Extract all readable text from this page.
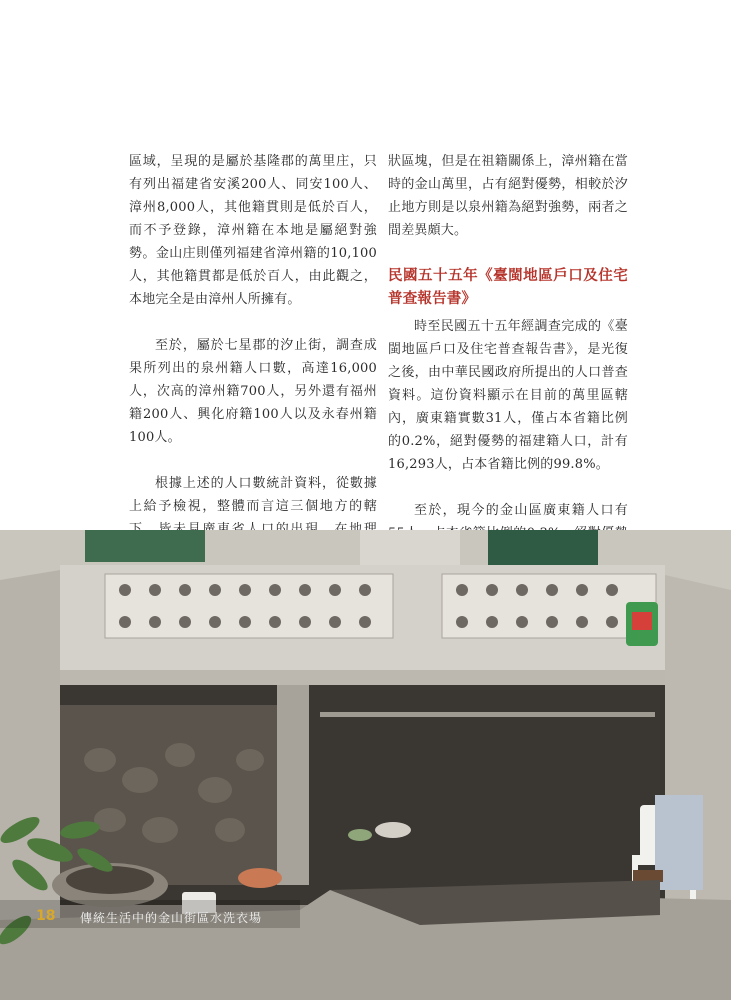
區域，呈現的是屬於基隆郡的萬里庄，只有列出福建省安溪200人、同安100人、漳州8,000人，其他籍貫則是低於百人，而不予登錄，漳州籍在本地是屬絕對強勢。金山庄則僅列福建省漳州籍的10,100人，其他籍貫都是低於百人，由此觀之，本地完全是由漳州人所擁有。

至於，屬於七星郡的汐止街，調查成果所列出的泉州籍人口數，高達16,000人，次高的漳州籍700人，另外還有福州籍200人、興化府籍100人以及永春州籍100人。

根據上述的人口數統計資料，從數據上給予檢視，整體而言這三個地方的轄

狀區塊，但是在祖籍關係上，漳州籍在當時的金山萬里，占有絕對優勢，相較於汐止地方則是以泉州籍為絕對強勢，兩者之間差異頗大。

民國五十五年《臺閩地區戶口及住宅普查報告書》

時至民國五十五年經調查完成的《臺閩地區戶口及住宅普查報告書》，是光復之後，由中華民國政府所提出的人口普查資料。這份資料顯示在目前的萬里區轄內，廣東籍實數31人，僅占本省籍比例的0.2%，絕對優勢的福建籍人口，計有16,293人，占本省籍比例的99.8%。

至於，現今的金山區廣東籍人口有

18 傳統生活中的金山街區水洗衣場
